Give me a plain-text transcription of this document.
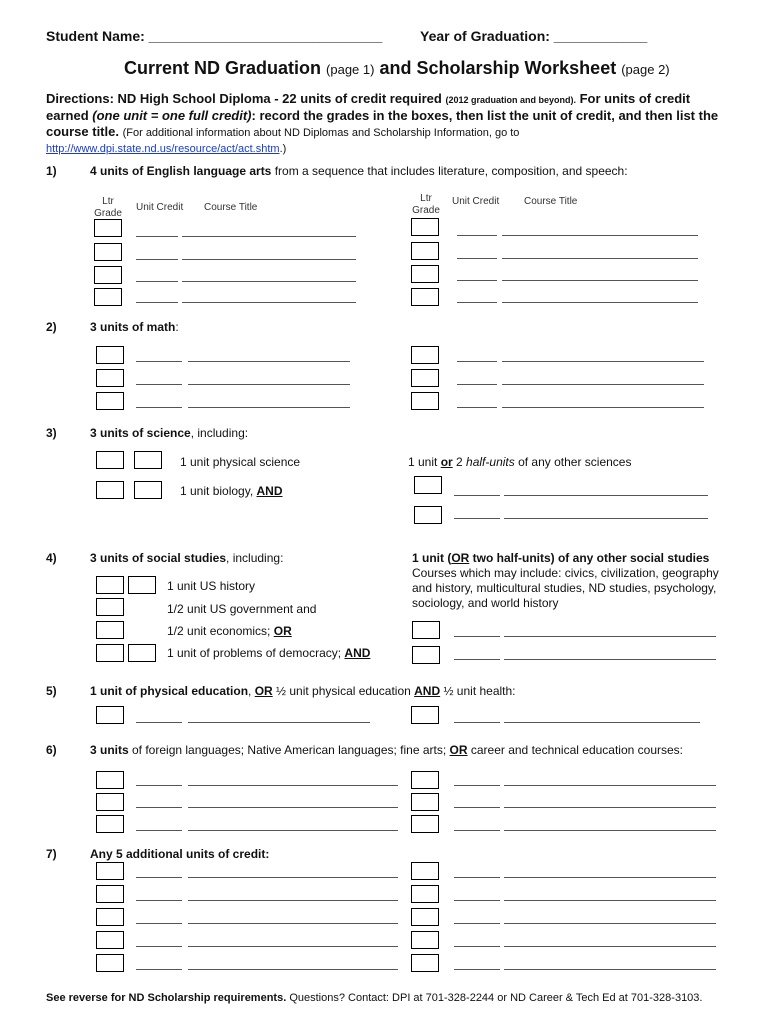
Student Name: ______________________________	Year of Graduation: ____________
Current ND Graduation (page 1) and Scholarship Worksheet (page 2)
Directions: ND High School Diploma - 22 units of credit required (2012 graduation and beyond). For units of credit earned (one unit = one full credit): record the grades in the boxes, then list the unit of credit, and then list the course title. (For additional information about ND Diplomas and Scholarship Information, go to
http://www.dpi.state.nd.us/resource/act/act.shtm.)
1)	4 units of English language arts from a sequence that includes literature, composition, and speech:
Ltr
Grade
Unit Credit Course Title
Ltr
Grade
Unit Credit Course Title
2)	3 units of math:
3)	3 units of science, including:
1 unit physical science
1 unit biology, AND
1 unit or 2 half-units of any other sciences
4)	3 units of social studies, including:
1 unit US history
1/2 unit US government and
1/2 unit economics; OR
1 unit of problems of democracy; AND
1 unit (OR two half-units) of any other social studies
Courses which may include: civics, civilization, geography and history, multicultural studies, ND studies, psychology, sociology, and world history
5)	1 unit of physical education, OR ½ unit physical education AND ½ unit health:
6)	3 units of foreign languages; Native American languages; fine arts; OR career and technical education courses:
7)	Any 5 additional units of credit:
See reverse for ND Scholarship requirements. Questions? Contact: DPI at 701-328-2244 or ND Career & Tech Ed at 701-328-3103.
